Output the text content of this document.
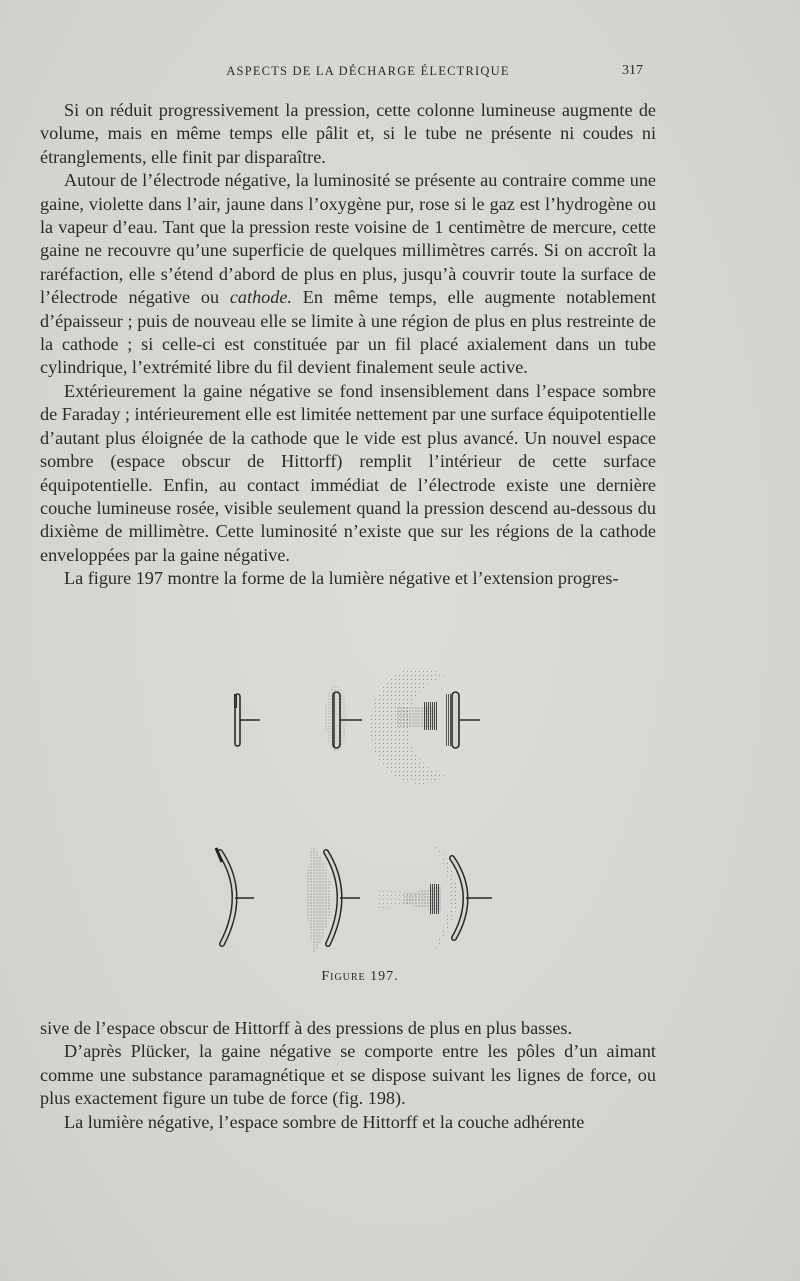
ASPECTS DE LA DÉCHARGE ÉLECTRIQUE	317

Si on réduit progressivement la pression, cette colonne lumineuse augmente de volume, mais en même temps elle pâlit et, si le tube ne présente ni coudes ni étranglements, elle finit par disparaître.

Autour de l’électrode négative, la luminosité se présente au contraire comme une gaine, violette dans l’air, jaune dans l’oxygène pur, rose si le gaz est l’hydrogène ou la vapeur d’eau. Tant que la pression reste voisine de 1 centimètre de mercure, cette gaine ne recouvre qu’une superficie de quelques millimètres carrés. Si on accroît la raréfaction, elle s’étend d’abord de plus en plus, jusqu’à couvrir toute la surface de l’électrode négative ou cathode. En même temps, elle augmente notablement d’épaisseur ; puis de nouveau elle se limite à une région de plus en plus restreinte de la cathode ; si celle-ci est constituée par un fil placé axialement dans un tube cylindrique, l’extrémité libre du fil devient finalement seule active.

Extérieurement la gaine négative se fond insensiblement dans l’espace sombre de Faraday ; intérieurement elle est limitée nettement par une surface équipotentielle d’autant plus éloignée de la cathode que le vide est plus avancé. Un nouvel espace sombre (espace obscur de Hittorff) remplit l’intérieur de cette surface équipotentielle. Enfin, au contact immédiat de l’électrode existe une dernière couche lumineuse rosée, visible seulement quand la pression descend au-dessous du dixième de millimètre. Cette luminosité n’existe que sur les régions de la cathode enveloppées par la gaine négative.

La figure 197 montre la forme de la lumière négative et l’extension progres-

Figure 197.

sive de l’espace obscur de Hittorff à des pressions de plus en plus basses.

D’après Plücker, la gaine négative se comporte entre les pôles d’un aimant comme une substance paramagnétique et se dispose suivant les lignes de force, ou plus exactement figure un tube de force (fig. 198).

La lumière négative, l’espace sombre de Hittorff et la couche adhérente
